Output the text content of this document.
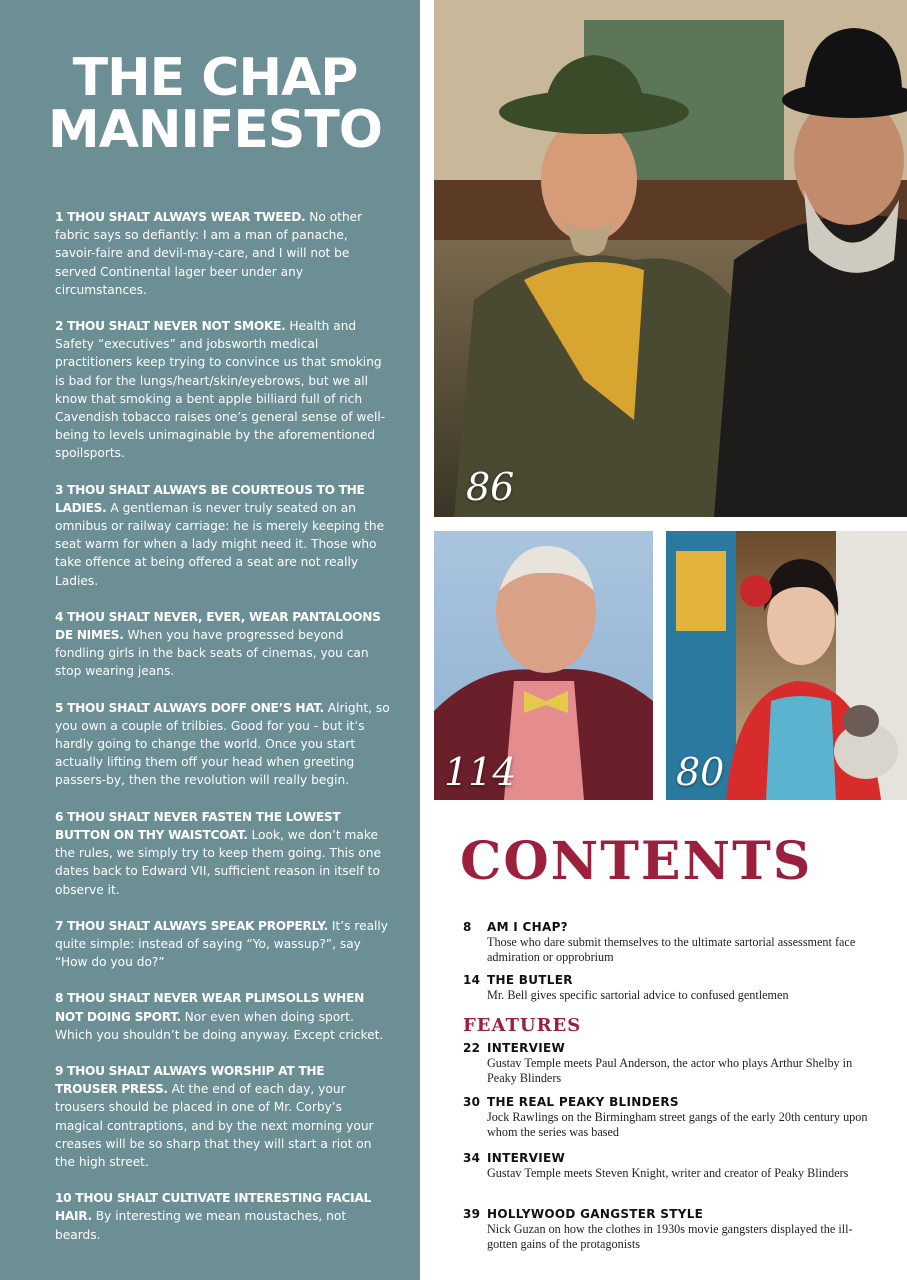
THE CHAP
MANIFESTO

1 THOU SHALT ALWAYS WEAR TWEED. No other fabric says so defiantly: I am a man of panache, savoir-faire and devil-may-care, and I will not be served Continental lager beer under any circumstances.

2 THOU SHALT NEVER NOT SMOKE. Health and Safety “executives” and jobsworth medical practitioners keep trying to convince us that smoking is bad for the lungs/heart/skin/eyebrows, but we all know that smoking a bent apple billiard full of rich Cavendish tobacco raises one’s general sense of well-being to levels unimaginable by the aforementioned spoilsports.

3 THOU SHALT ALWAYS BE COURTEOUS TO THE LADIES. A gentleman is never truly seated on an omnibus or railway carriage: he is merely keeping the seat warm for when a lady might need it. Those who take offence at being offered a seat are not really Ladies.

4 THOU SHALT NEVER, EVER, WEAR PANTALOONS DE NIMES. When you have progressed beyond fondling girls in the back seats of cinemas, you can stop wearing jeans.

5 THOU SHALT ALWAYS DOFF ONE’S HAT. Alright, so you own a couple of trilbies. Good for you - but it’s hardly going to change the world. Once you start actually lifting them off your head when greeting passers-by, then the revolution will really begin.

6 THOU SHALT NEVER FASTEN THE LOWEST BUTTON ON THY WAISTCOAT. Look, we don’t make the rules, we simply try to keep them going. This one dates back to Edward VII, sufficient reason in itself to observe it.

7 THOU SHALT ALWAYS SPEAK PROPERLY. It’s really quite simple: instead of saying “Yo, wassup?”, say “How do you do?”

8 THOU SHALT NEVER WEAR PLIMSOLLS WHEN NOT DOING SPORT. Nor even when doing sport. Which you shouldn’t be doing anyway. Except cricket.

9 THOU SHALT ALWAYS WORSHIP AT THE TROUSER PRESS. At the end of each day, your trousers should be placed in one of Mr. Corby’s magical contraptions, and by the next morning your creases will be so sharp that they will start a riot on the high street.

10 THOU SHALT CULTIVATE INTERESTING FACIAL HAIR. By interesting we mean moustaches, not beards.

86
114	80
CONTENTS
8 AM I CHAP?
Those who dare submit themselves to the ultimate sartorial assessment face admiration or opprobrium
14 THE BUTLER
Mr. Bell gives specific sartorial advice to confused gentlemen
FEATURES
22 INTERVIEW
Gustav Temple meets Paul Anderson, the actor who plays Arthur Shelby in Peaky Blinders
30 THE REAL PEAKY BLINDERS
Jock Rawlings on the Birmingham street gangs of the early 20th century upon whom the series was based
34 INTERVIEW
Gustav Temple meets Steven Knight, writer and creator of Peaky Blinders
39 HOLLYWOOD GANGSTER STYLE
Nick Guzan on how the clothes in 1930s movie gangsters displayed the ill-gotten gains of the protagonists
